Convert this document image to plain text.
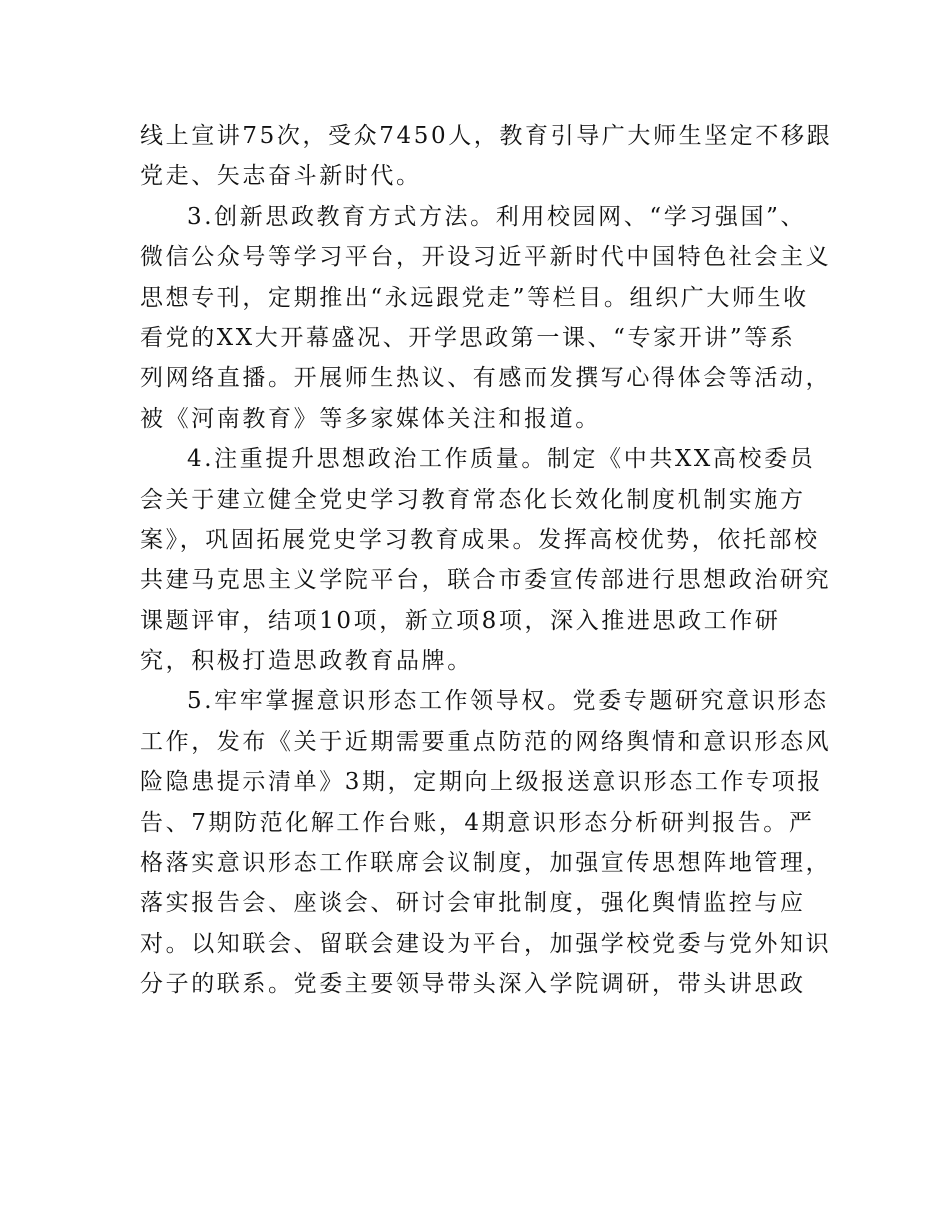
线上宣讲75次，受众7450人，教育引导广大师生坚定不移跟
党走、矢志奋斗新时代。
3.创新思政教育方式方法。利用校园网、“学习强国”、
微信公众号等学习平台，开设习近平新时代中国特色社会主义
思想专刊，定期推出“永远跟党走”等栏目。组织广大师生收
看党的XX大开幕盛况、开学思政第一课、“专家开讲”等系
列网络直播。开展师生热议、有感而发撰写心得体会等活动，
被《河南教育》等多家媒体关注和报道。
4.注重提升思想政治工作质量。制定《中共XX高校委员
会关于建立健全党史学习教育常态化长效化制度机制实施方
案》，巩固拓展党史学习教育成果。发挥高校优势，依托部校
共建马克思主义学院平台，联合市委宣传部进行思想政治研究
课题评审，结项10项，新立项8项，深入推进思政工作研
究，积极打造思政教育品牌。
5.牢牢掌握意识形态工作领导权。党委专题研究意识形态
工作，发布《关于近期需要重点防范的网络舆情和意识形态风
险隐患提示清单》3期，定期向上级报送意识形态工作专项报
告、7期防范化解工作台账，4期意识形态分析研判报告。严
格落实意识形态工作联席会议制度，加强宣传思想阵地管理，
落实报告会、座谈会、研讨会审批制度，强化舆情监控与应
对。以知联会、留联会建设为平台，加强学校党委与党外知识
分子的联系。党委主要领导带头深入学院调研，带头讲思政
